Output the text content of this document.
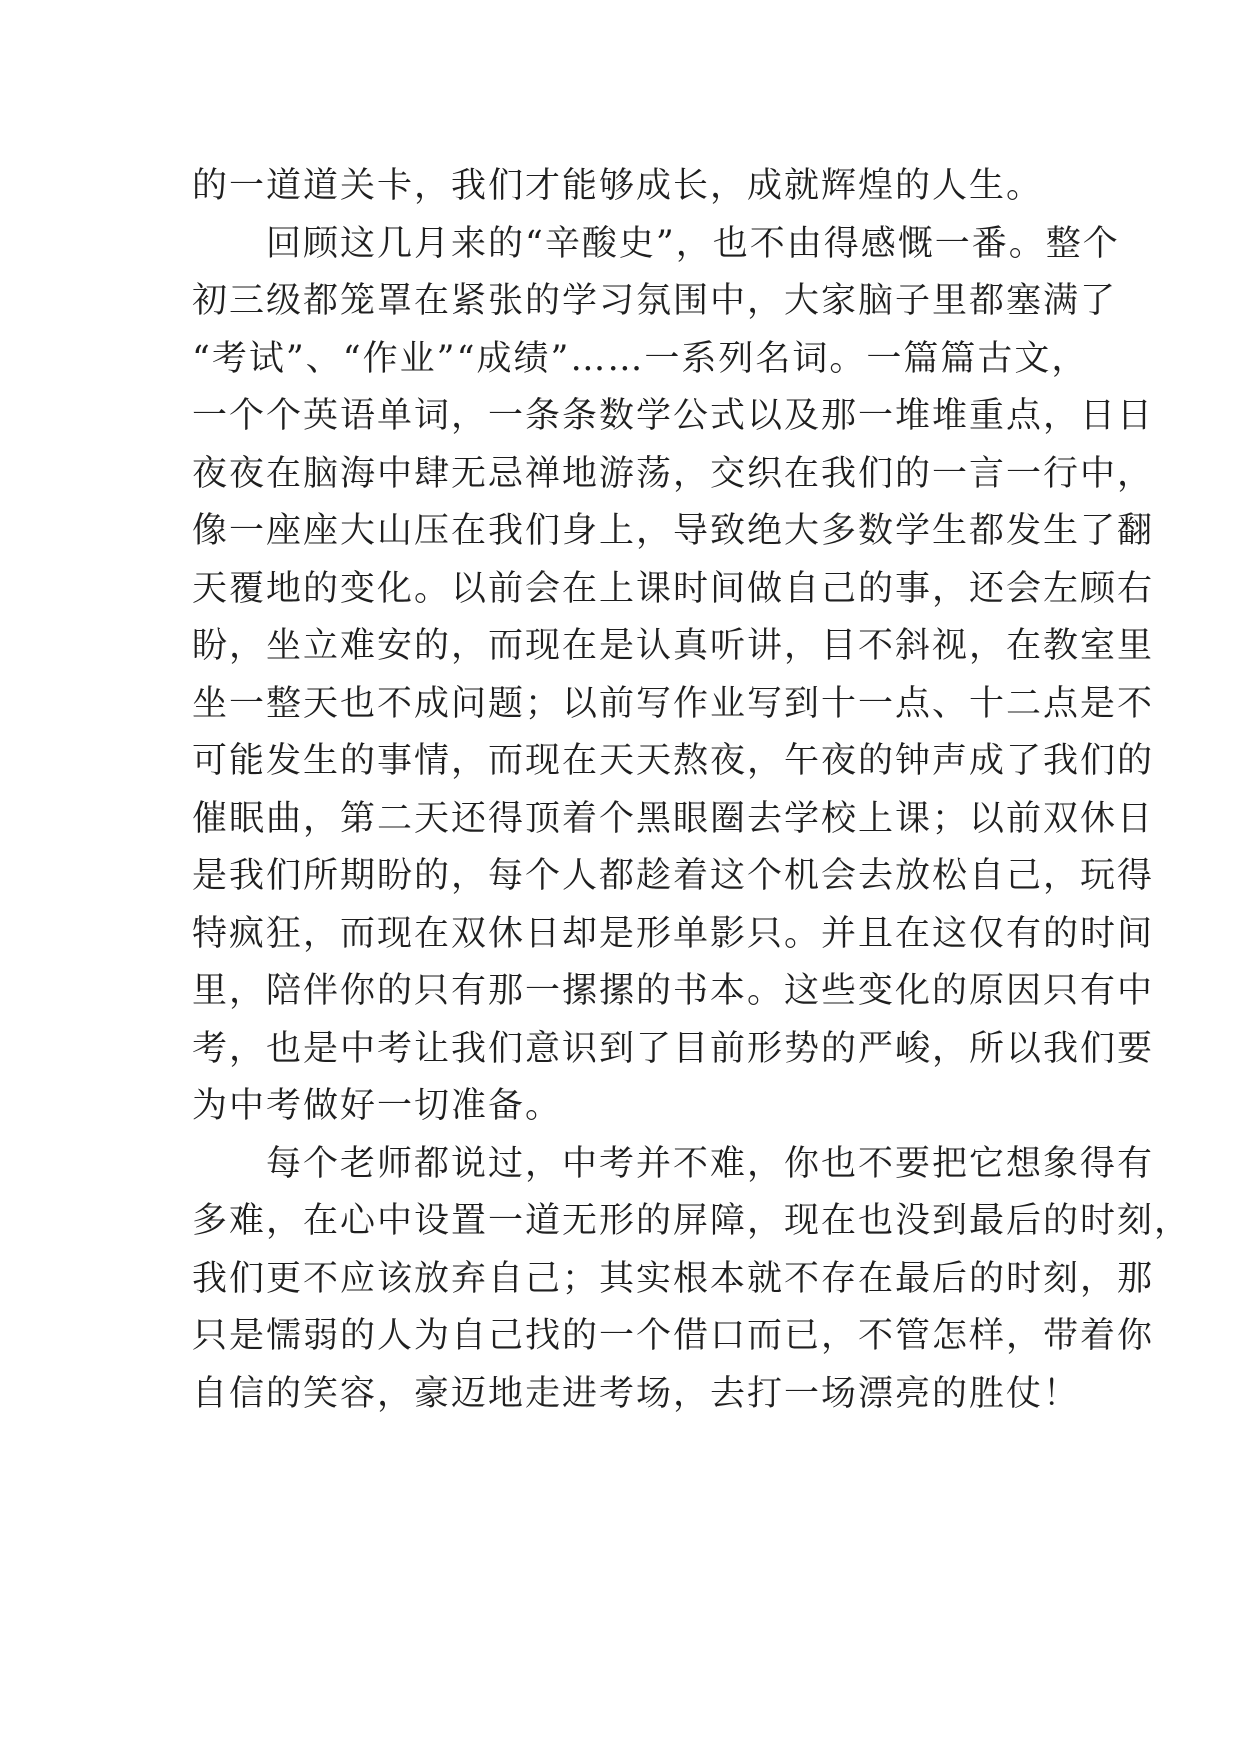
的一道道关卡，我们才能够成长，成就辉煌的人生。
　　回顾这几月来的“辛酸史”，也不由得感慨一番。整个
初三级都笼罩在紧张的学习氛围中，大家脑子里都塞满了
“考试”、“作业”“成绩”……一系列名词。一篇篇古文，
一个个英语单词，一条条数学公式以及那一堆堆重点，日日
夜夜在脑海中肆无忌禅地游荡，交织在我们的一言一行中，
像一座座大山压在我们身上，导致绝大多数学生都发生了翻
天覆地的变化。以前会在上课时间做自己的事，还会左顾右
盼，坐立难安的，而现在是认真听讲，目不斜视，在教室里
坐一整天也不成问题；以前写作业写到十一点、十二点是不
可能发生的事情，而现在天天熬夜，午夜的钟声成了我们的
催眠曲，第二天还得顶着个黑眼圈去学校上课；以前双休日
是我们所期盼的，每个人都趁着这个机会去放松自己，玩得
特疯狂，而现在双休日却是形单影只。并且在这仅有的时间
里，陪伴你的只有那一摞摞的书本。这些变化的原因只有中
考，也是中考让我们意识到了目前形势的严峻，所以我们要
为中考做好一切准备。
　　每个老师都说过，中考并不难，你也不要把它想象得有
多难，在心中设置一道无形的屏障，现在也没到最后的时刻，
我们更不应该放弃自己；其实根本就不存在最后的时刻，那
只是懦弱的人为自己找的一个借口而已，不管怎样，带着你
自信的笑容，豪迈地走进考场，去打一场漂亮的胜仗！
